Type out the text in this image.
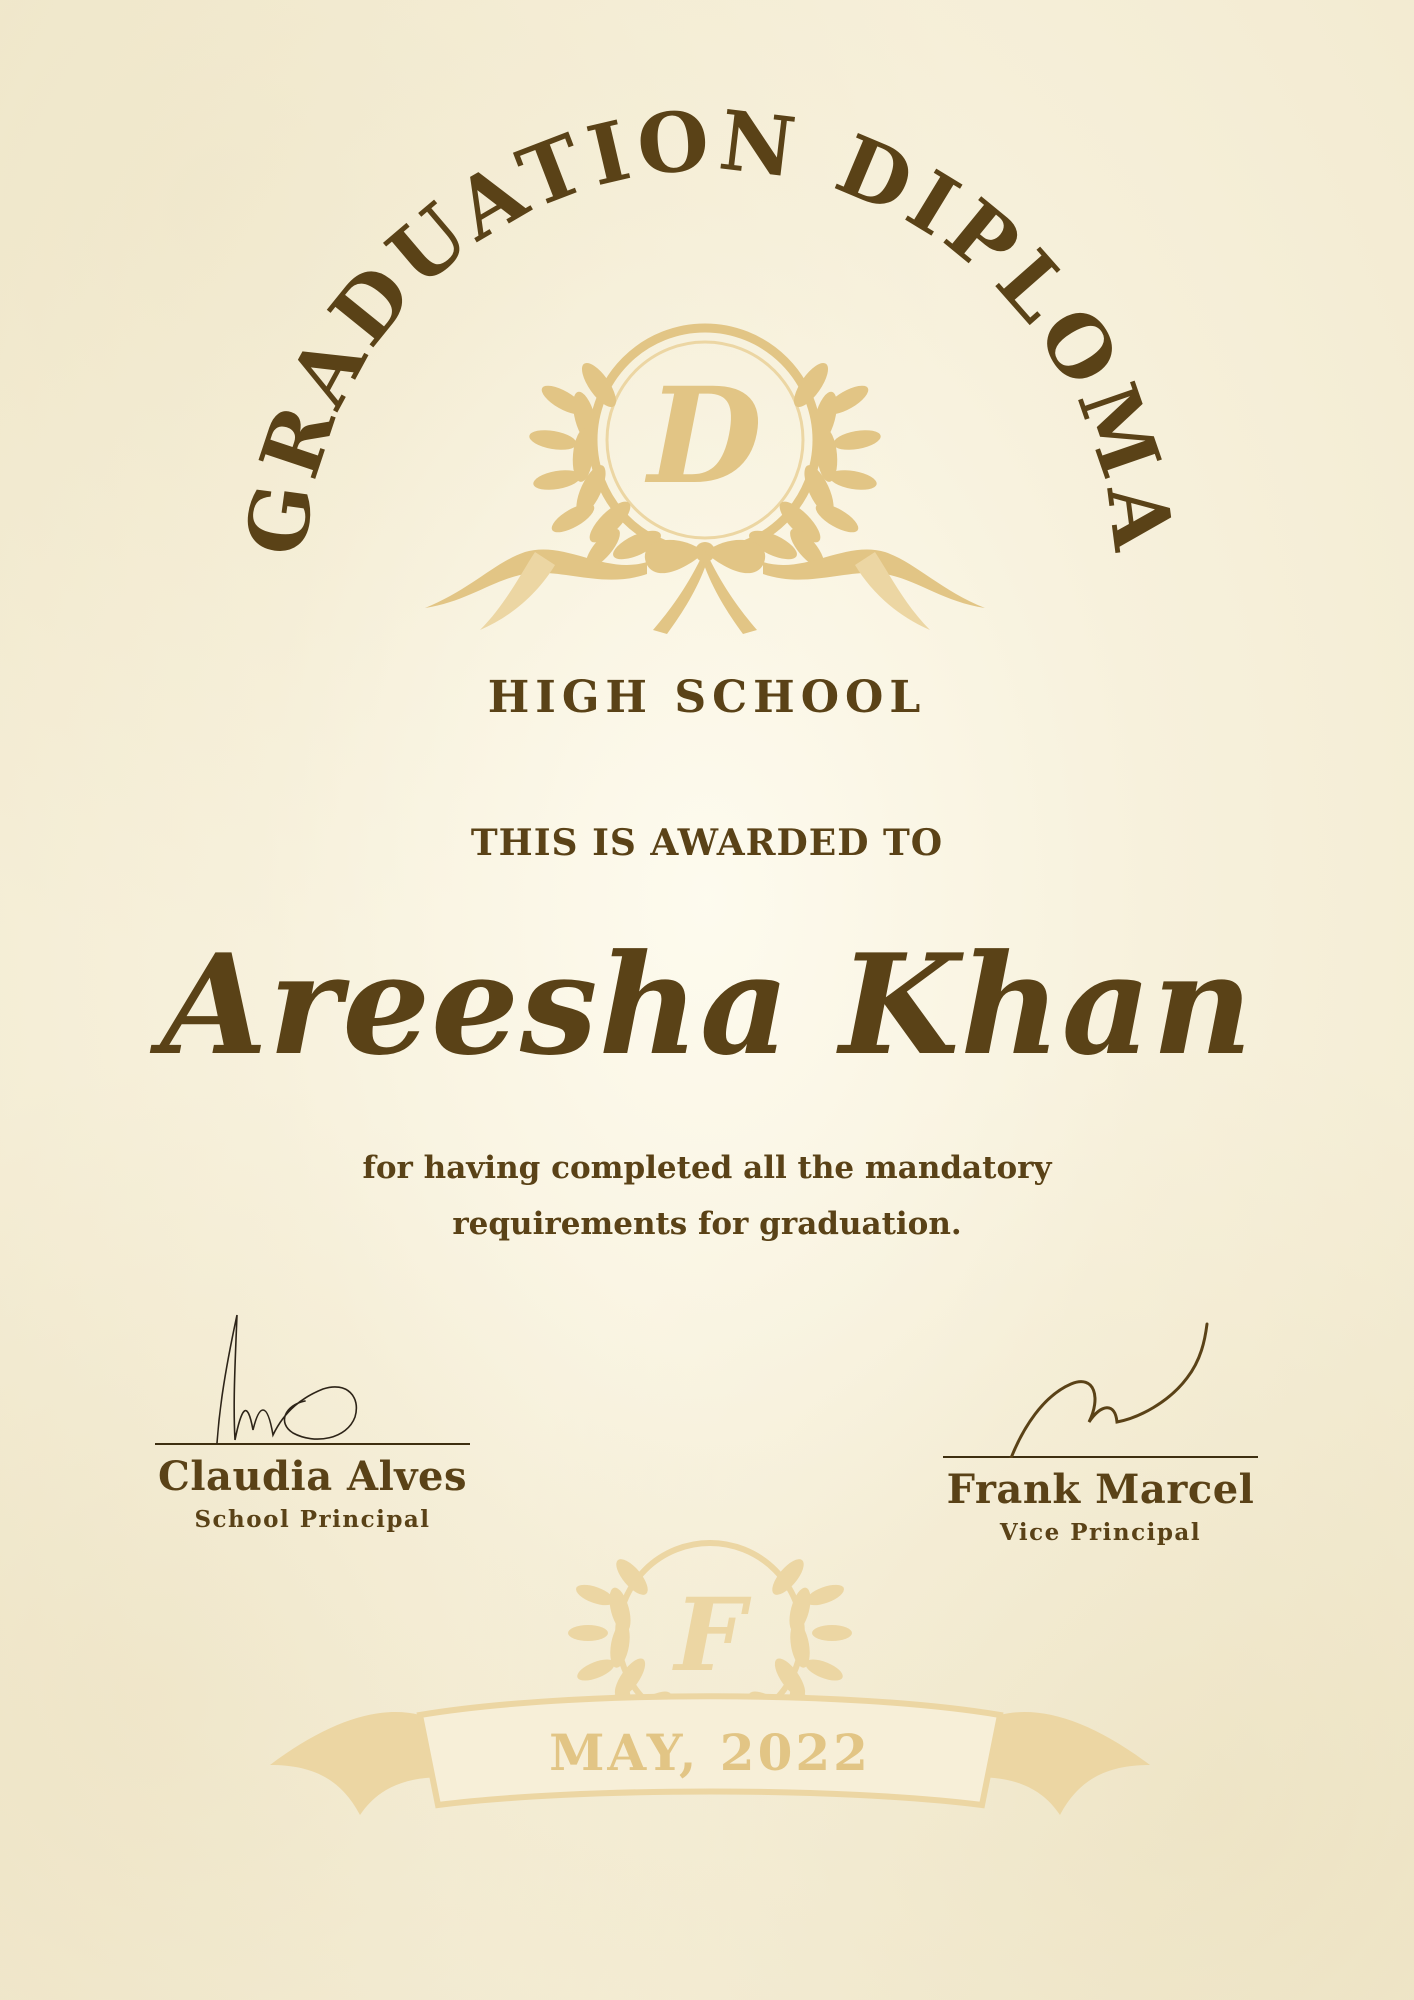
GRADUATION DIPLOMA
D
HIGH SCHOOL
THIS IS AWARDED TO
Areesha Khan
for having completed all the mandatory
requirements for graduation.
Claudia Alves
School Principal
Frank Marcel
Vice Principal
F
MAY, 2022
